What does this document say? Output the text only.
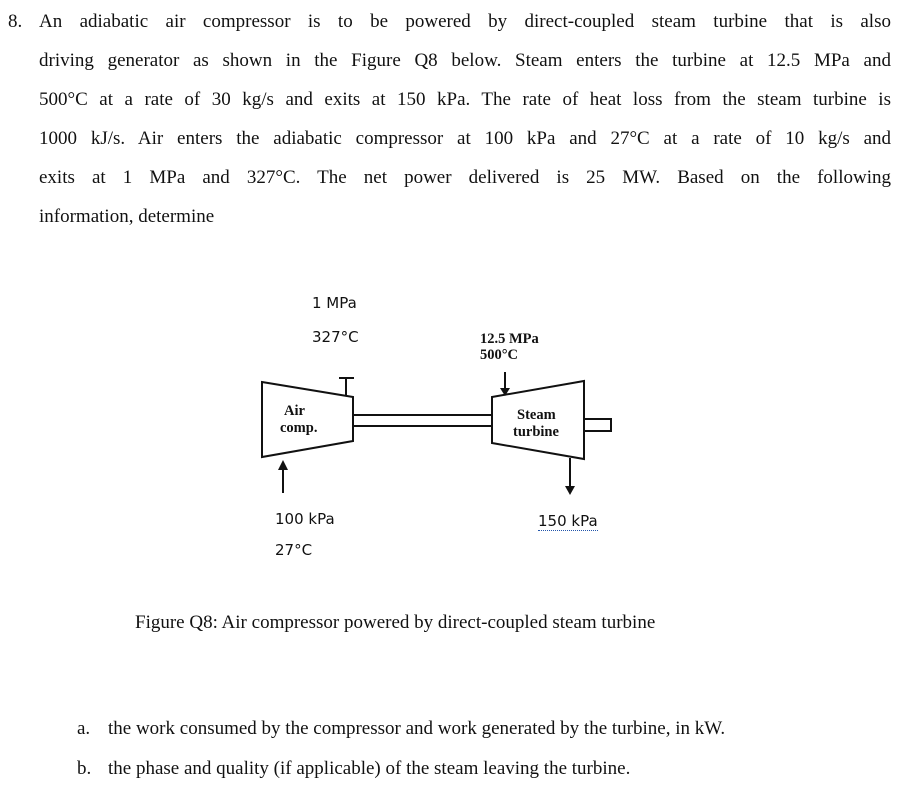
8. An adiabatic air compressor is to be powered by direct-coupled steam turbine that is also
driving generator as shown in the Figure Q8 below. Steam enters the turbine at 12.5 MPa and
500°C at a rate of 30 kg/s and exits at 150 kPa. The rate of heat loss from the steam turbine is
1000 kJ/s. Air enters the adiabatic compressor at 100 kPa and 27°C at a rate of 10 kg/s and
exits at 1 MPa and 327°C. The net power delivered is 25 MW. Based on the following
information, determine
1 MPa
327°C	12.5 MPa
500°C
Air
comp.
Steam
turbine
100 kPa
27°C
150 kPa
Figure Q8: Air compressor powered by direct-coupled steam turbine
a. the work consumed by the compressor and work generated by the turbine, in kW.
b. the phase and quality (if applicable) of the steam leaving the turbine.
